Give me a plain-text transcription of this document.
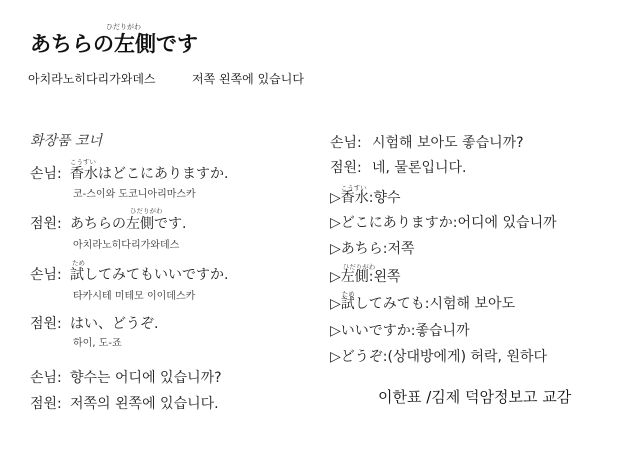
ひだりがわ
あちらの左側です
아치라노히다리가와데스	저쪽 왼쪽에 있습니다
화장품 코너
손님:
こうすい
香水はどこにありますか.
코-스이와 도코니아리마스카
점원:
ひだりがわ
あちらの左側です.
아치라노히다리가와데스
손님:
ため
試してみてもいいですか.
타카시테 미테모 이이데스카
점원: はい、どうぞ.
하이, 도-죠
손님: 향수는 어디에 있습니까?
점원: 저쪽의 왼쪽에 있습니다.
손님: 시험해 보아도 좋습니까?
점원: 네, 물론입니다.
▷
こうすい
香水:향수
▷どこにありますか:어디에 있습니까
▷あちら:저쪽
▷
ひだりがわ
左側:왼쪽
▷
ため
試してみても:시험해 보아도
▷いいですか:좋습니까
▷どうぞ:(상대방에게) 허락, 원하다
이한표 /김제 덕암정보고 교감
